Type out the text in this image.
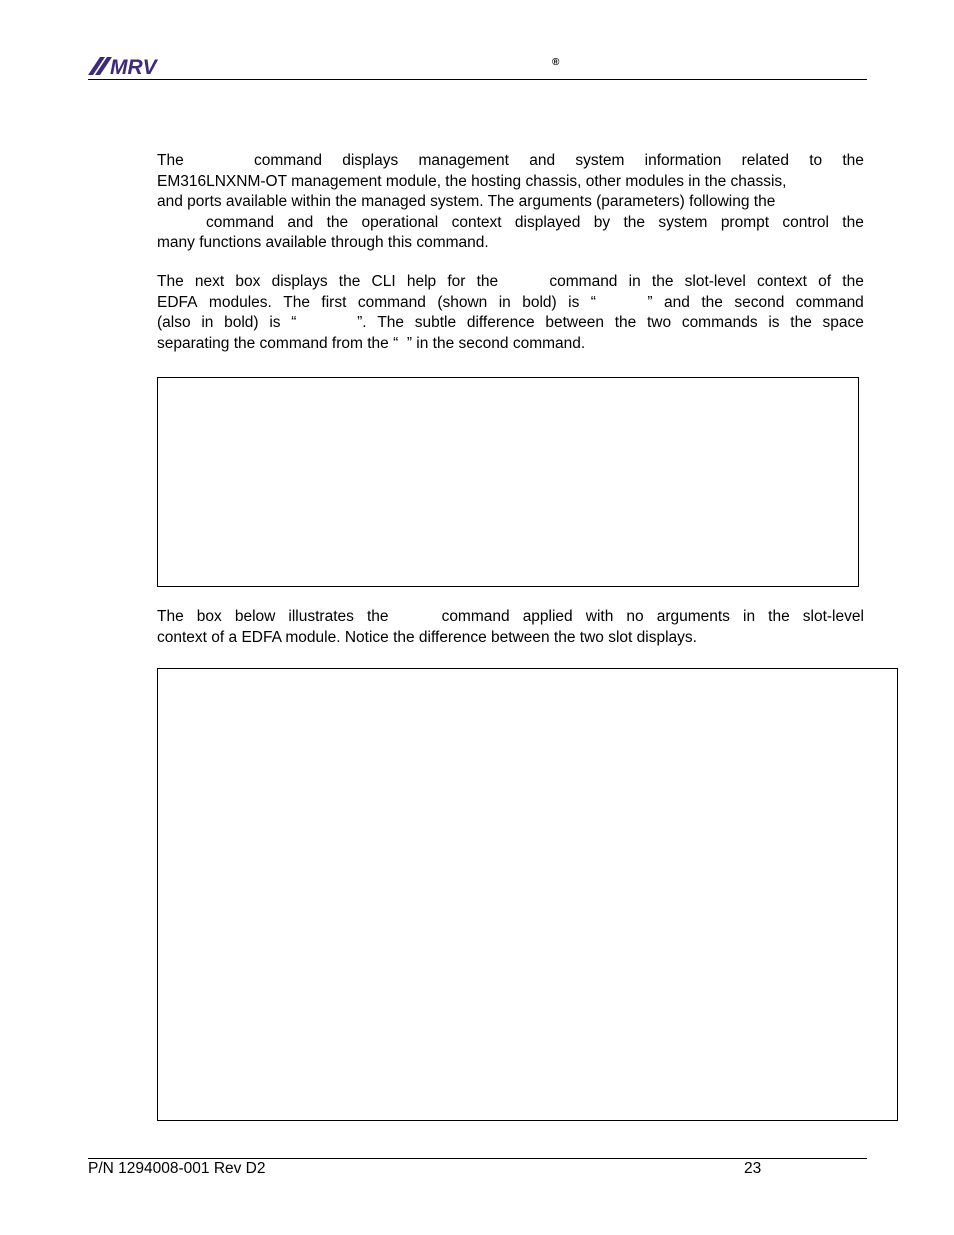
MRV	®
The	command displays management and system information related to the
EM316LNXNM-OT management module, the hosting chassis, other modules in the chassis,
and ports available within the managed system. The arguments (parameters) following the
command and the operational context displayed by the system prompt control the
many functions available through this command.
The next box displays the CLI help for the	command in the slot-level context of the
EDFA modules. The first command (shown in bold) is “	” and the second command
(also in bold) is “	”. The subtle difference between the two commands is the space
separating the command from the “  ” in the second command.
The box below illustrates the	command applied with no arguments in the slot-level
context of a EDFA module. Notice the difference between the two slot displays.
P/N 1294008-001 Rev D2	23
